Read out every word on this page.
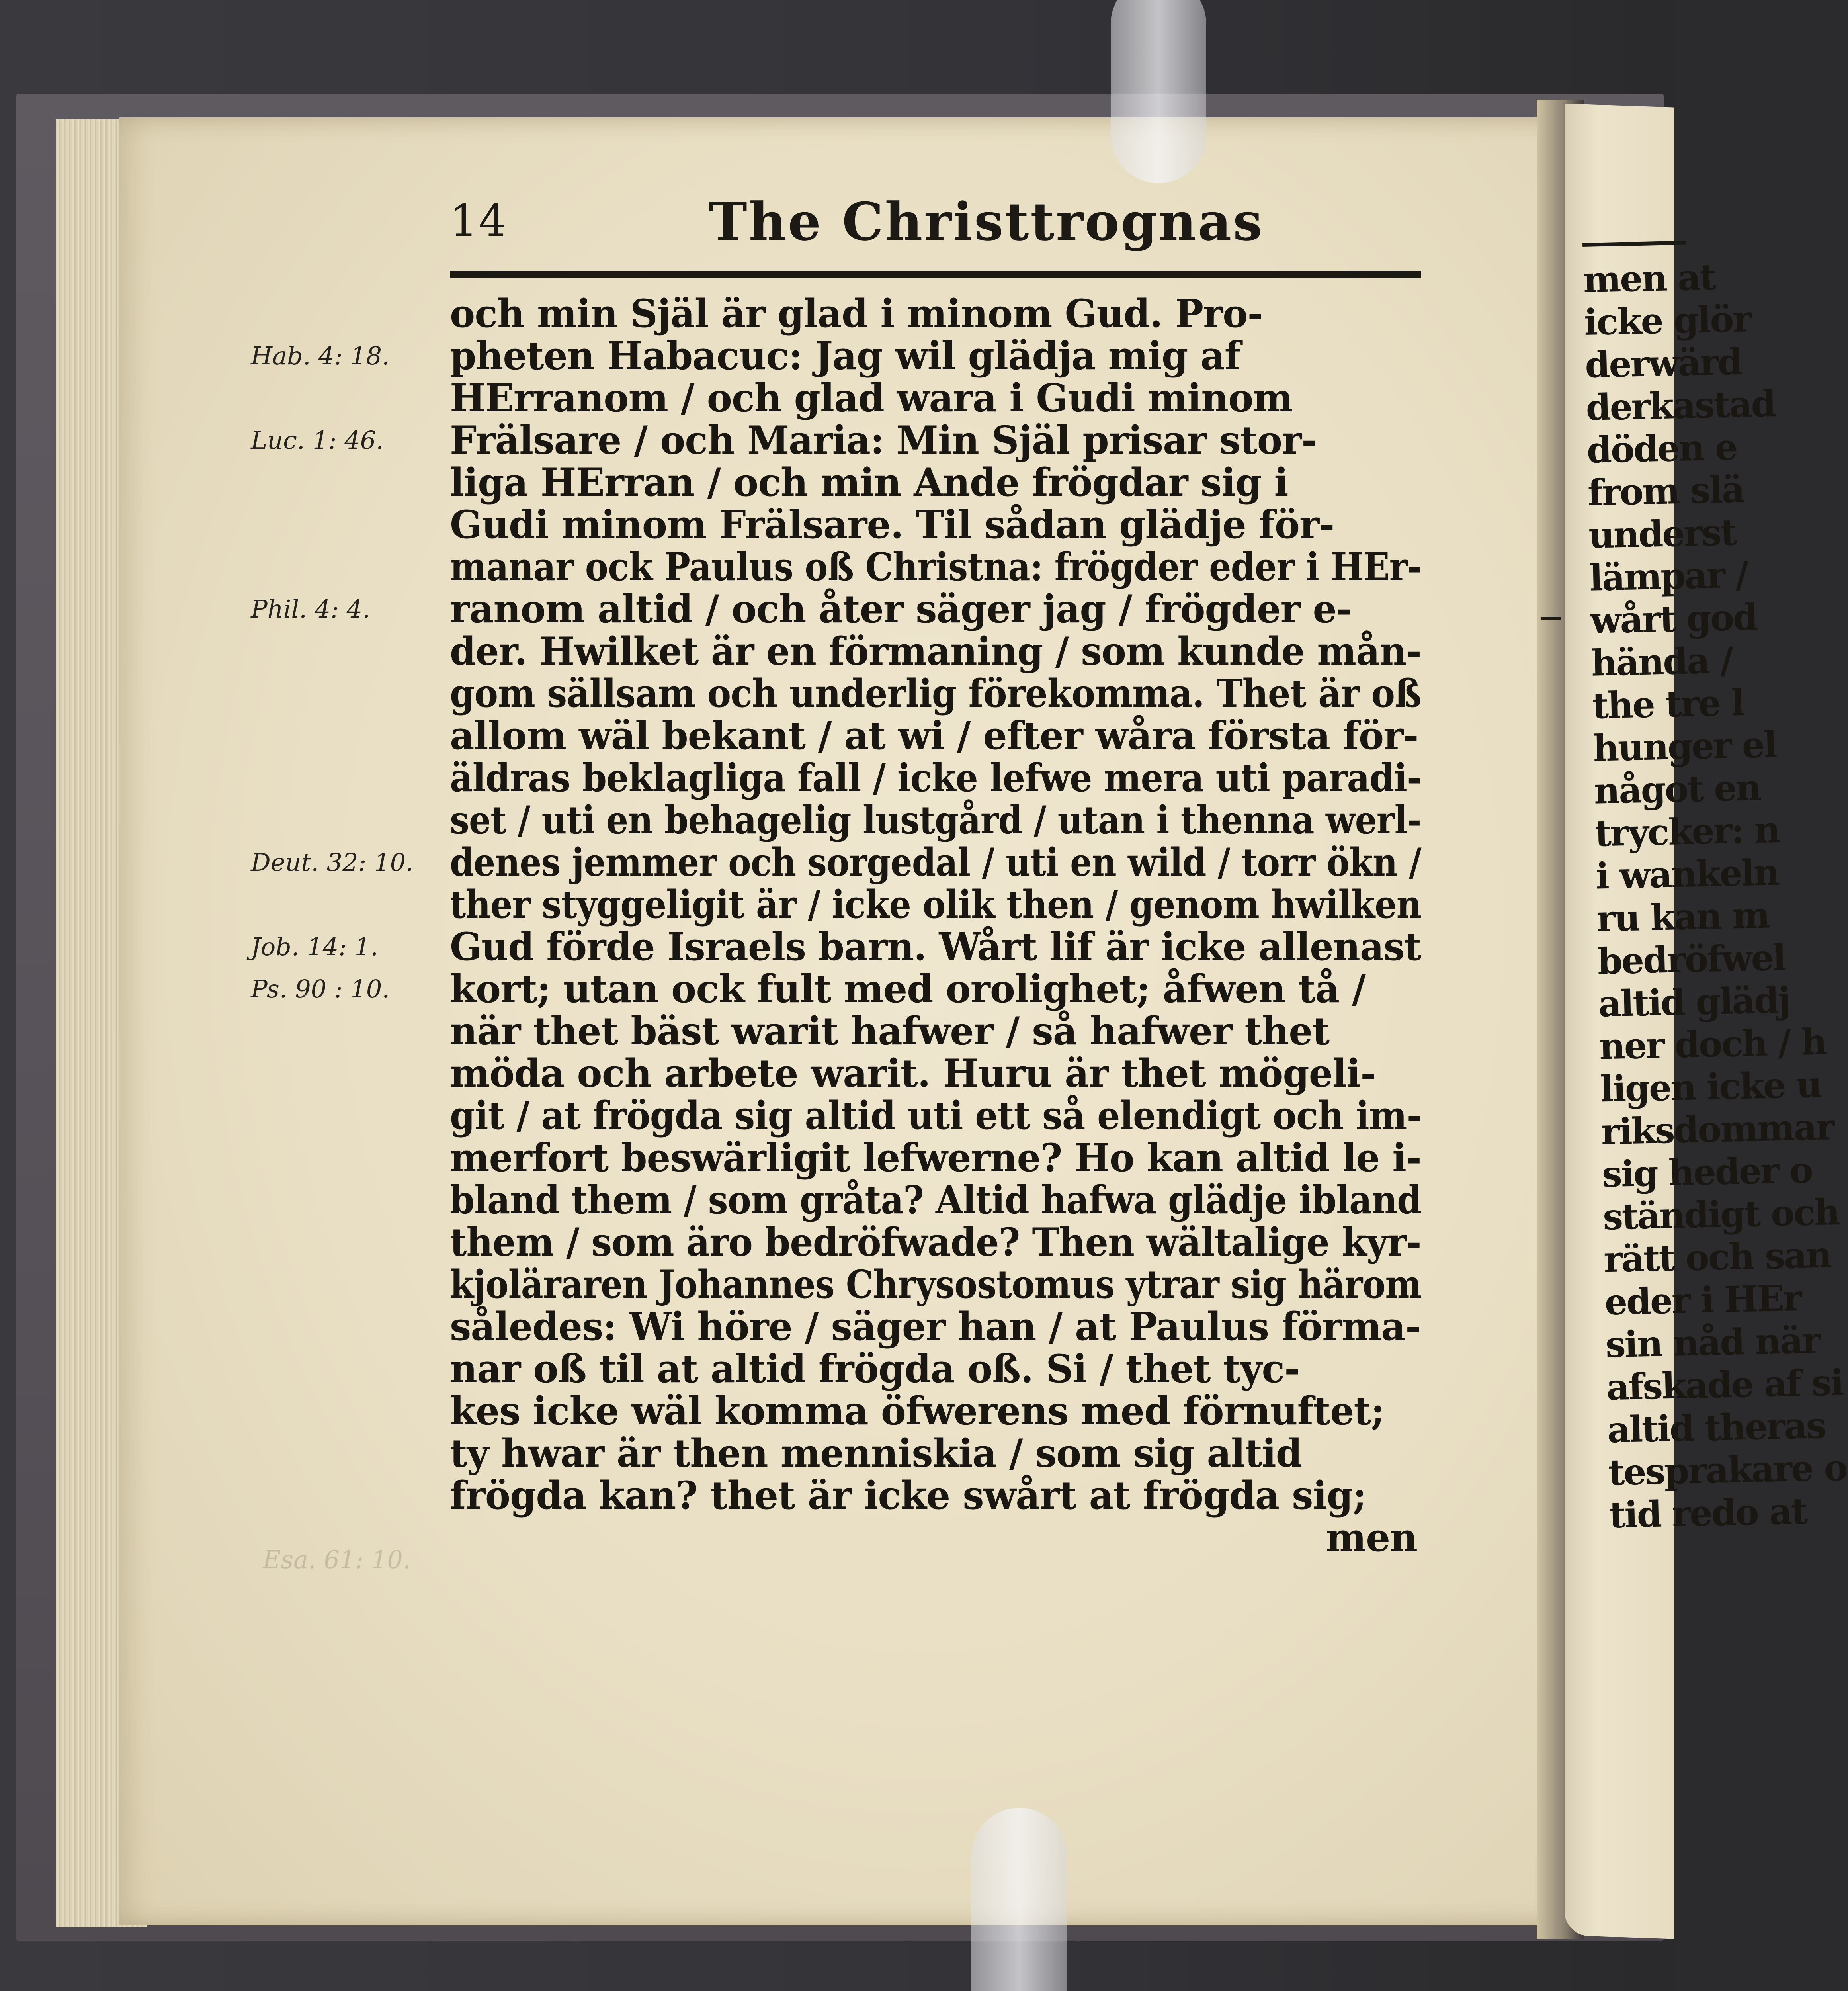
14	The Christtrognas
Hab. 4: 18.
Luc. 1: 46.
Phil. 4: 4.
Deut. 32: 10.
Job. 14: 1.
Ps. 90 : 10.
och min Själ är glad i minom Gud. Pro-
pheten Habacuc: Jag wil glädja mig af
HErranom / och glad wara i Gudi minom
Frälsare / och Maria: Min Själ prisar stor-
liga HErran / och min Ande frögdar sig i
Gudi minom Frälsare. Til sådan glädje för-
manar ock Paulus oß Christna: frögder eder i HEr-
ranom altid / och åter säger jag / frögder e-
der. Hwilket är en förmaning / som kunde mån-
gom sällsam och underlig förekomma. Thet är oß
allom wäl bekant / at wi / efter wåra första för-
äldras beklagliga fall / icke lefwe mera uti paradi-
set / uti en behagelig lustgård / utan i thenna werl-
denes jemmer och sorgedal / uti en wild / torr ökn /
ther styggeligit är / icke olik then / genom hwilken
Gud förde Israels barn. Wårt lif är icke allenast
kort; utan ock fult med orolighet; åfwen tå /
när thet bäst warit hafwer / så hafwer thet
möda och arbete warit. Huru är thet mögeli-
git / at frögda sig altid uti ett så elendigt och im-
merfort beswärligit lefwerne? Ho kan altid le i-
bland them / som gråta? Altid hafwa glädje ibland
them / som äro bedröfwade? Then wältalige kyr-
kjoläraren Johannes Chrysostomus ytrar sig härom
således: Wi höre / säger han / at Paulus förma-
nar oß til at altid frögda oß. Si / thet tyc-
kes icke wäl komma öfwerens med förnuftet;
ty hwar är then menniskia / som sig altid
frögda kan? thet är icke swårt at frögda sig;
men
Esa. 61: 10.
men at
icke glör
derwärd
derkastad
döden e
from slä
underst
lämpar /
wårt god
hända /
the tre l
hunger el
något en
trycker: n
i wankeln
ru kan m
bedröfwel
altid glädj
ner doch / h
ligen icke u
riksdommar
sig heder o
ständigt och
rätt och san
eder i HEr
sin nåd när
afskade af si
altid theras
tesprakare o
tid redo at
